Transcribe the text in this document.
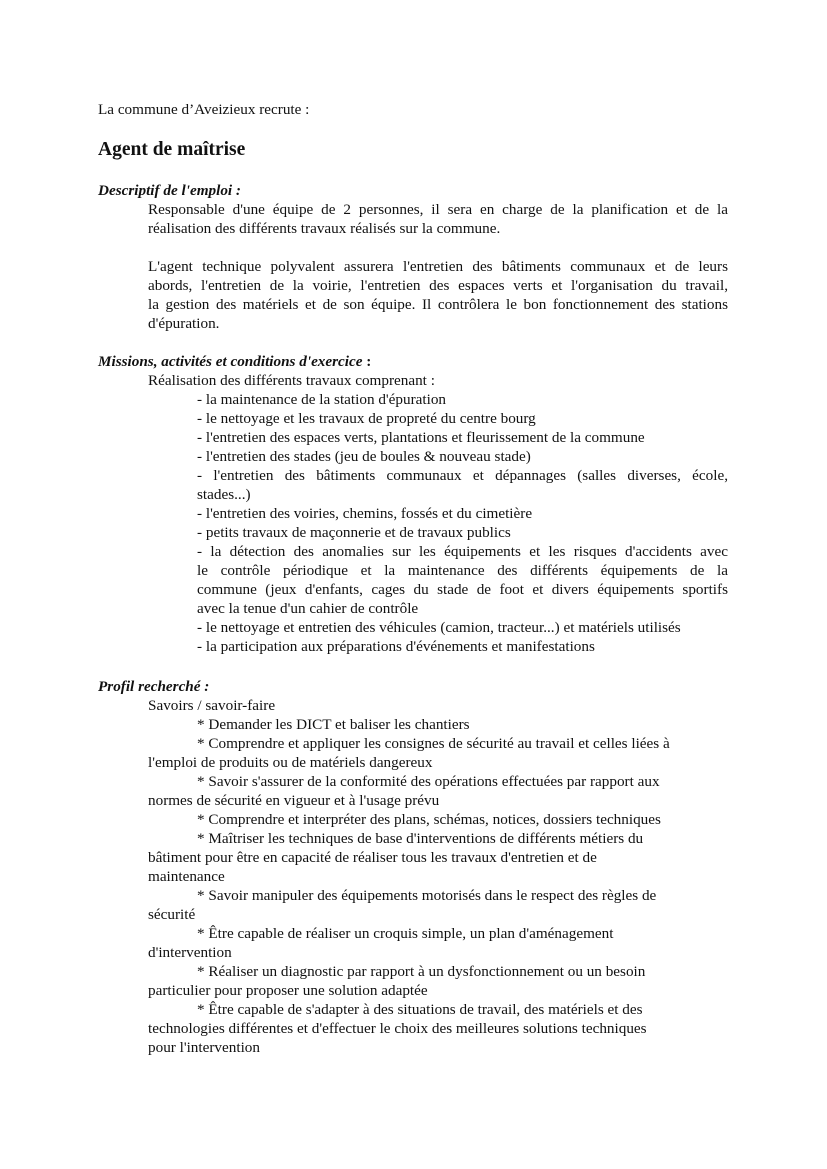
La commune d’Aveizieux recrute :
Agent de maîtrise
Descriptif de l'emploi :
Responsable d'une équipe de 2 personnes, il sera en charge de la planification et de la
réalisation des différents travaux réalisés sur la commune.
L'agent technique polyvalent assurera l'entretien des bâtiments communaux et de leurs
abords, l'entretien de la voirie, l'entretien des espaces verts et l'organisation du travail,
la gestion des matériels et de son équipe. Il contrôlera le bon fonctionnement des stations
d'épuration.
Missions, activités et conditions d'exercice :
Réalisation des différents travaux comprenant :
- la maintenance de la station d'épuration
- le nettoyage et les travaux de propreté du centre bourg
- l'entretien des espaces verts, plantations et fleurissement de la commune
- l'entretien des stades (jeu de boules & nouveau stade)
- l'entretien des bâtiments communaux et dépannages (salles diverses, école,
stades...)
- l'entretien des voiries, chemins, fossés et du cimetière
- petits travaux de maçonnerie et de travaux publics
- la détection des anomalies sur les équipements et les risques d'accidents avec
le contrôle périodique et la maintenance des différents équipements de la
commune (jeux d'enfants, cages du stade de foot et divers équipements sportifs
avec la tenue d'un cahier de contrôle
- le nettoyage et entretien des véhicules (camion, tracteur...) et matériels utilisés
- la participation aux préparations d'événements et manifestations
Profil recherché :
Savoirs / savoir-faire
* Demander les DICT et baliser les chantiers
* Comprendre et appliquer les consignes de sécurité au travail et celles liées à
l'emploi de produits ou de matériels dangereux
* Savoir s'assurer de la conformité des opérations effectuées par rapport aux
normes de sécurité en vigueur et à l'usage prévu
* Comprendre et interpréter des plans, schémas, notices, dossiers techniques
* Maîtriser les techniques de base d'interventions de différents métiers du
bâtiment pour être en capacité de réaliser tous les travaux d'entretien et de
maintenance
* Savoir manipuler des équipements motorisés dans le respect des règles de
sécurité
* Être capable de réaliser un croquis simple, un plan d'aménagement
d'intervention
* Réaliser un diagnostic par rapport à un dysfonctionnement ou un besoin
particulier pour proposer une solution adaptée
* Être capable de s'adapter à des situations de travail, des matériels et des
technologies différentes et d'effectuer le choix des meilleures solutions techniques
pour l'intervention
